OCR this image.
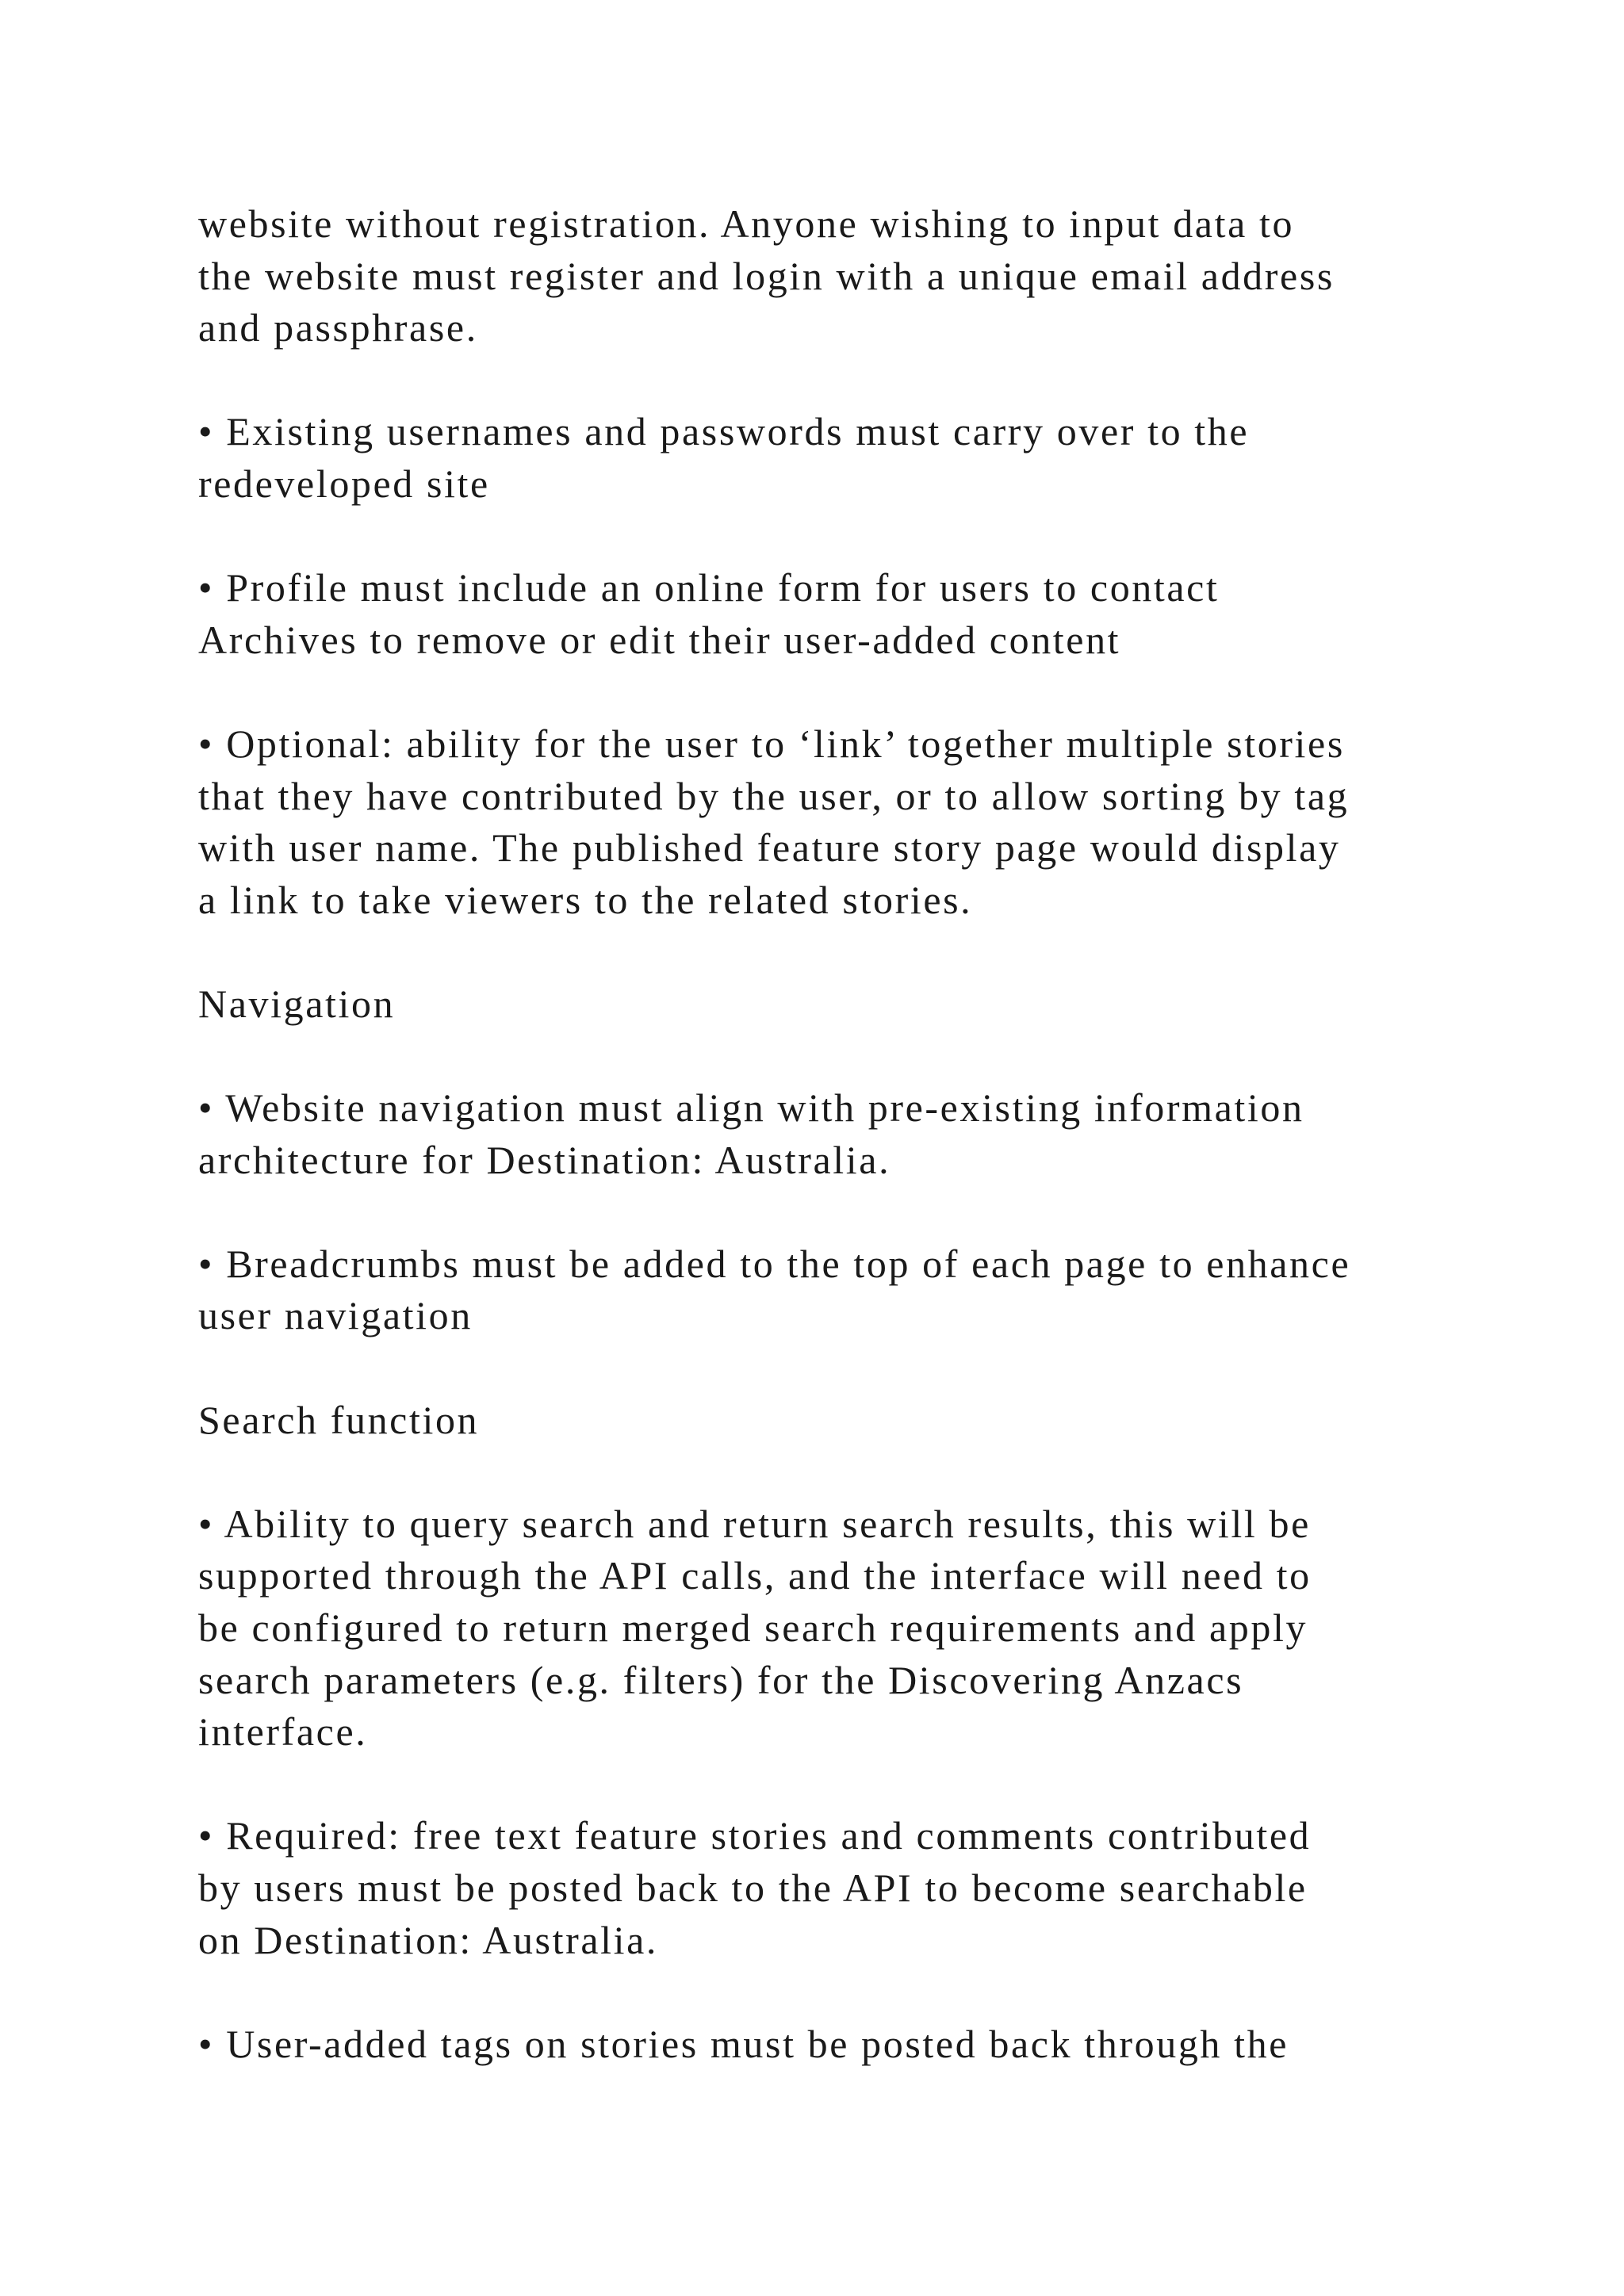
website without registration. Anyone wishing to input data to
the website must register and login with a unique email address
and passphrase.

• Existing usernames and passwords must carry over to the
redeveloped site

• Profile must include an online form for users to contact
Archives to remove or edit their user-added content

• Optional: ability for the user to ‘link’ together multiple stories
that they have contributed by the user, or to allow sorting by tag
with user name. The published feature story page would display
a link to take viewers to the related stories.

Navigation

• Website navigation must align with pre-existing information
architecture for Destination: Australia.

• Breadcrumbs must be added to the top of each page to enhance
user navigation

Search function

• Ability to query search and return search results, this will be
supported through the API calls, and the interface will need to
be configured to return merged search requirements and apply
search parameters (e.g. filters) for the Discovering Anzacs
interface.

• Required: free text feature stories and comments contributed
by users must be posted back to the API to become searchable
on Destination: Australia.

• User-added tags on stories must be posted back through the
